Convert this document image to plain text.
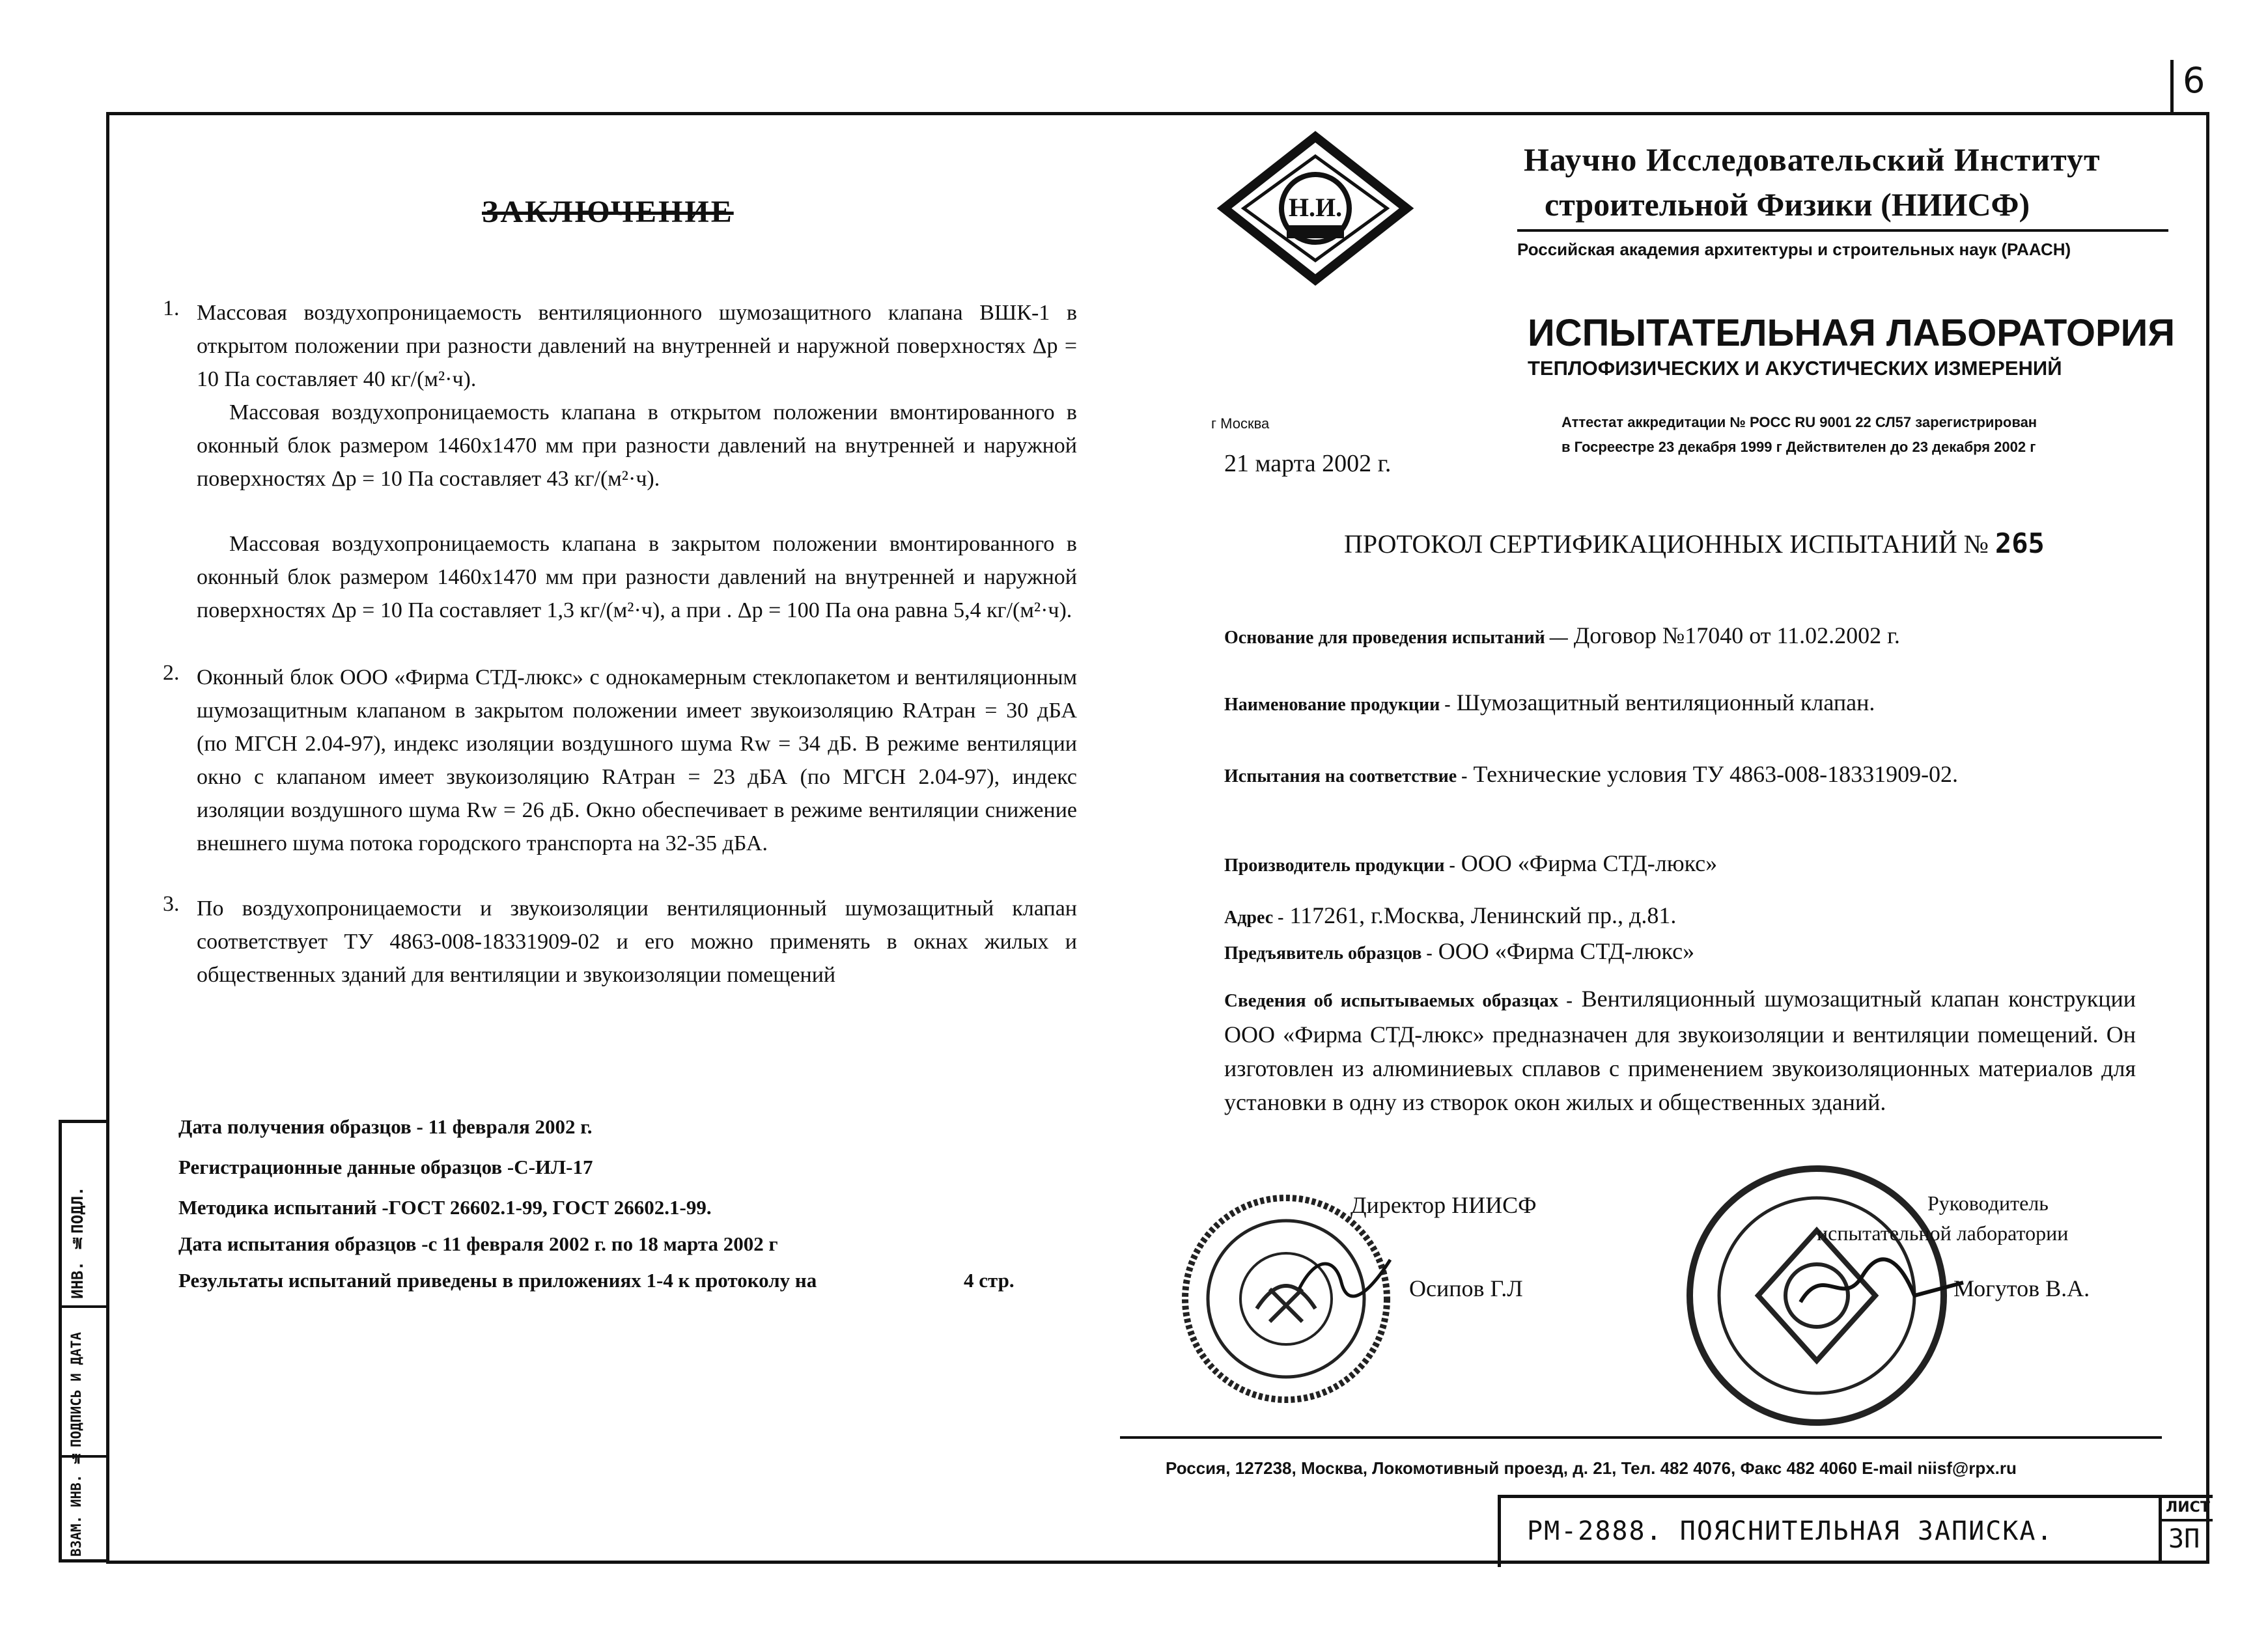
6
ИНВ. №ПОДЛ.
ПОДПИСЬ И ДАТА
ВЗАМ. ИНВ. №
ЗАКЛЮЧЕНИЕ
1. Массовая воздухопроницаемость вентиляционного шумозащитного клапана ВШК-1 в открытом положении при разности давлений на внутренней и наружной поверхностях Δр = 10 Па составляет 40 кг/(м²·ч).
Массовая воздухопроницаемость клапана в открытом положении вмонтированного в оконный блок размером 1460х1470 мм при разности давлений на внутренней и наружной поверхностях Δр = 10 Па составляет 43 кг/(м²·ч).
Массовая воздухопроницаемость клапана в закрытом положении вмонтированного в оконный блок размером 1460х1470 мм при разности давлений на внутренней и наружной поверхностях Δр = 10 Па составляет 1,3 кг/(м²·ч), а при . Δр = 100 Па она равна 5,4 кг/(м²·ч).
2. Оконный блок ООО «Фирма СТД-люкс» с однокамерным стеклопакетом и вентиляционным шумозащитным клапаном в закрытом положении имеет звукоизоляцию RAтран = 30 дБА (по МГСН 2.04-97), индекс изоляции воздушного шума Rw = 34 дБ. В режиме вентиляции окно с клапаном имеет звукоизоляцию RAтран = 23 дБА (по МГСН 2.04-97), индекс изоляции воздушного шума Rw = 26 дБ. Окно обеспечивает в режиме вентиляции снижение внешнего шума потока городского транспорта на 32-35 дБА.
3. По воздухопроницаемости и звукоизоляции вентиляционный шумозащитный клапан соответствует ТУ 4863-008-18331909-02 и его можно применять в окнах жилых и общественных зданий для вентиляции и звукоизоляции помещений
Дата получения образцов - 11 февраля 2002 г.
Регистрационные данные образцов -С-ИЛ-17
Методика испытаний -ГОСТ 26602.1-99, ГОСТ 26602.1-99.
Дата испытания образцов -с 11 февраля 2002 г. по 18 марта 2002 г
Результаты испытаний приведены в приложениях 1-4 к протоколу на	4 стр.
Н.И.
Научно Исследовательский Институт
строительной Физики (НИИСФ)
Российская академия архитектуры и строительных наук (РААСН)
ИСПЫТАТЕЛЬНАЯ ЛАБОРАТОРИЯ
ТЕПЛОФИЗИЧЕСКИХ И АКУСТИЧЕСКИХ ИЗМЕРЕНИЙ
г Москва
21 марта 2002 г.
Аттестат аккредитации № РОСС RU 9001 22 СЛ57 зарегистрирован
в Госреестре 23 декабря 1999 г Действителен до 23 декабря 2002 г
ПРОТОКОЛ СЕРТИФИКАЦИОННЫХ ИСПЫТАНИЙ № 265
Основание для проведения испытаний — Договор №17040 от 11.02.2002 г.
Наименование продукции - Шумозащитный вентиляционный клапан.
Испытания на соответствие - Технические условия ТУ 4863-008-18331909-02.
Производитель продукции - ООО «Фирма СТД-люкс»
Адрес - 117261, г.Москва, Ленинский пр., д.81.
Предъявитель образцов - ООО «Фирма СТД-люкс»
Сведения об испытываемых образцах - Вентиляционный шумозащитный клапан конструкции ООО «Фирма СТД-люкс» предназначен для звукоизоляции и вентиляции помещений. Он изготовлен из алюминиевых сплавов с применением звукоизоляционных материалов для установки в одну из створок окон жилых и общественных зданий.
Директор НИИСФ
Осипов Г.Л
Руководитель
испытательной лаборатории
Могутов В.А.
Россия, 127238, Москва, Локомотивный проезд, д. 21, Тел. 482 4076, Факс 482 4060 E-mail niisf@rpx.ru
РМ-2888. ПОЯСНИТЕЛЬНАЯ ЗАПИСКА.
ЛИСТ
3П
